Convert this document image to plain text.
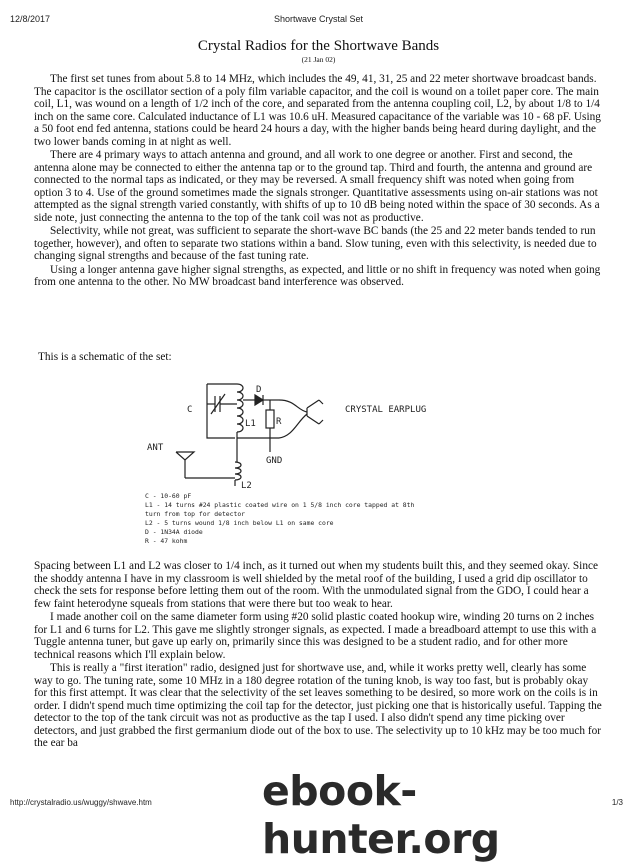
12/8/2017	Shortwave Crystal Set
Crystal Radios for the Shortwave Bands
(21 Jan 02)

The first set tunes from about 5.8 to 14 MHz, which includes the 49, 41, 31, 25 and 22 meter shortwave broadcast bands. The capacitor is the oscillator section of a poly film variable capacitor, and the coil is wound on a toilet paper core. The main coil, L1, was wound on a length of 1/2 inch of the core, and separated from the antenna coupling coil, L2, by about 1/8 to 1/4 inch on the same core. Calculated inductance of L1 was 10.6 uH. Measured capacitance of the variable was 10 - 68 pF. Using a 50 foot end fed antenna, stations could be heard 24 hours a day, with the higher bands being heard during daylight, and the two lower bands coming in at night as well.

There are 4 primary ways to attach antenna and ground, and all work to one degree or another. First and second, the antenna alone may be connected to either the antenna tap or to the ground tap. Third and fourth, the antenna and ground are connected to the normal taps as indicated, or they may be reversed. A small frequency shift was noted when going from option 3 to 4. Use of the ground sometimes made the signals stronger. Quantitative assessments using on-air stations was not attempted as the signal strength varied constantly, with shifts of up to 10 dB being noted within the space of 30 seconds. As a side note, just connecting the antenna to the top of the tank coil was not as productive.

Selectivity, while not great, was sufficient to separate the short-wave BC bands (the 25 and 22 meter bands tended to run together, however), and often to separate two stations within a band. Slow tuning, even with this selectivity, is needed due to changing signal strengths and because of the fast tuning rate.

Using a longer antenna gave higher signal strengths, as expected, and little or no shift in frequency was noted when going from one antenna to the other. No MW broadcast band interference was observed.

This is a schematic of the set:
C
D
L1 R
CRYSTAL EARPLUG
GND
ANT
L2
C - 10-60 pF
L1 - 14 turns #24 plastic coated wire on 1 5/8 inch core tapped at 8th
turn from top for detector
L2 - 5 turns wound 1/8 inch below L1 on same core
D - 1N34A diode
R - 47 kohm

Spacing between L1 and L2 was closer to 1/4 inch, as it turned out when my students built this, and they seemed okay. Since the shoddy antenna I have in my classroom is well shielded by the metal roof of the building, I used a grid dip oscillator to check the sets for response before letting them out of the room. With the unmodulated signal from the GDO, I could hear a few faint heterodyne squeals from stations that were there but too weak to hear.

I made another coil on the same diameter form using #20 solid plastic coated hookup wire, winding 20 turns on 2 inches for L1 and 6 turns for L2. This gave me slightly stronger signals, as expected. I made a breadboard attempt to use this with a Tuggle antenna tuner, but gave up early on, primarily since this was designed to be a student radio, and for other more technical reasons which I'll explain below.

This is really a "first iteration" radio, designed just for shortwave use, and, while it works pretty well, clearly has some way to go. The tuning rate, some 10 MHz in a 180 degree rotation of the tuning knob, is way too fast, but is probably okay for this first attempt. It was clear that the selectivity of the set leaves something to be desired, so more work on the coils is in order. I didn't spend much time optimizing the coil tap for the detector, just picking one that is historically useful. Tapping the detector to the top of the tank circuit was not as productive as the tap I used. I also didn't spend any time picking over detectors, and just grabbed the first germanium diode out of the box to use. The selectivity up to 10 kHz may be too much for the ear ba

ebook-hunter.org
http://crystalradio.us/wuggy/shwave.htm	1/3
